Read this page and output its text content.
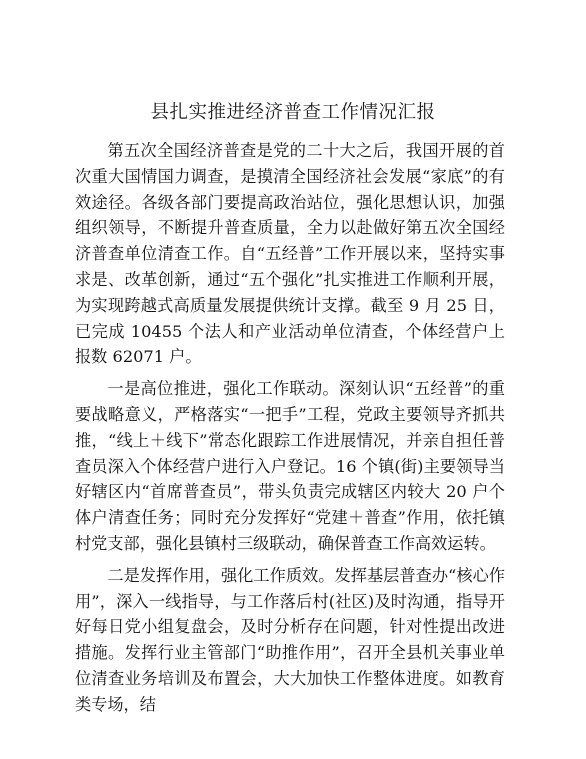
县扎实推进经济普查工作情况汇报

第五次全国经济普查是党的二十大之后，我国开展的首次重大国情国力调查，是摸清全国经济社会发展“家底”的有效途径。各级各部门要提高政治站位，强化思想认识，加强组织领导，不断提升普查质量，全力以赴做好第五次全国经济普查单位清查工作。自“五经普”工作开展以来，坚持实事求是、改革创新，通过“五个强化”扎实推进工作顺利开展，为实现跨越式高质量发展提供统计支撑。截至 9 月 25 日，已完成 10455 个法人和产业活动单位清查，个体经营户上报数 62071 户。

一是高位推进，强化工作联动。深刻认识“五经普”的重要战略意义，严格落实“一把手”工程，党政主要领导齐抓共推，“线上＋线下”常态化跟踪工作进展情况，并亲自担任普查员深入个体经营户进行入户登记。16 个镇(街)主要领导当好辖区内“首席普查员”，带头负责完成辖区内较大 20 户个体户清查任务；同时充分发挥好“党建＋普查”作用，依托镇村党支部，强化县镇村三级联动，确保普查工作高效运转。

二是发挥作用，强化工作质效。发挥基层普查办“核心作用”，深入一线指导，与工作落后村(社区)及时沟通，指导开好每日党小组复盘会，及时分析存在问题，针对性提出改进措施。发挥行业主管部门“助推作用”，召开全县机关事业单位清查业务培训及布置会，大大加快工作整体进度。如教育类专场，结
